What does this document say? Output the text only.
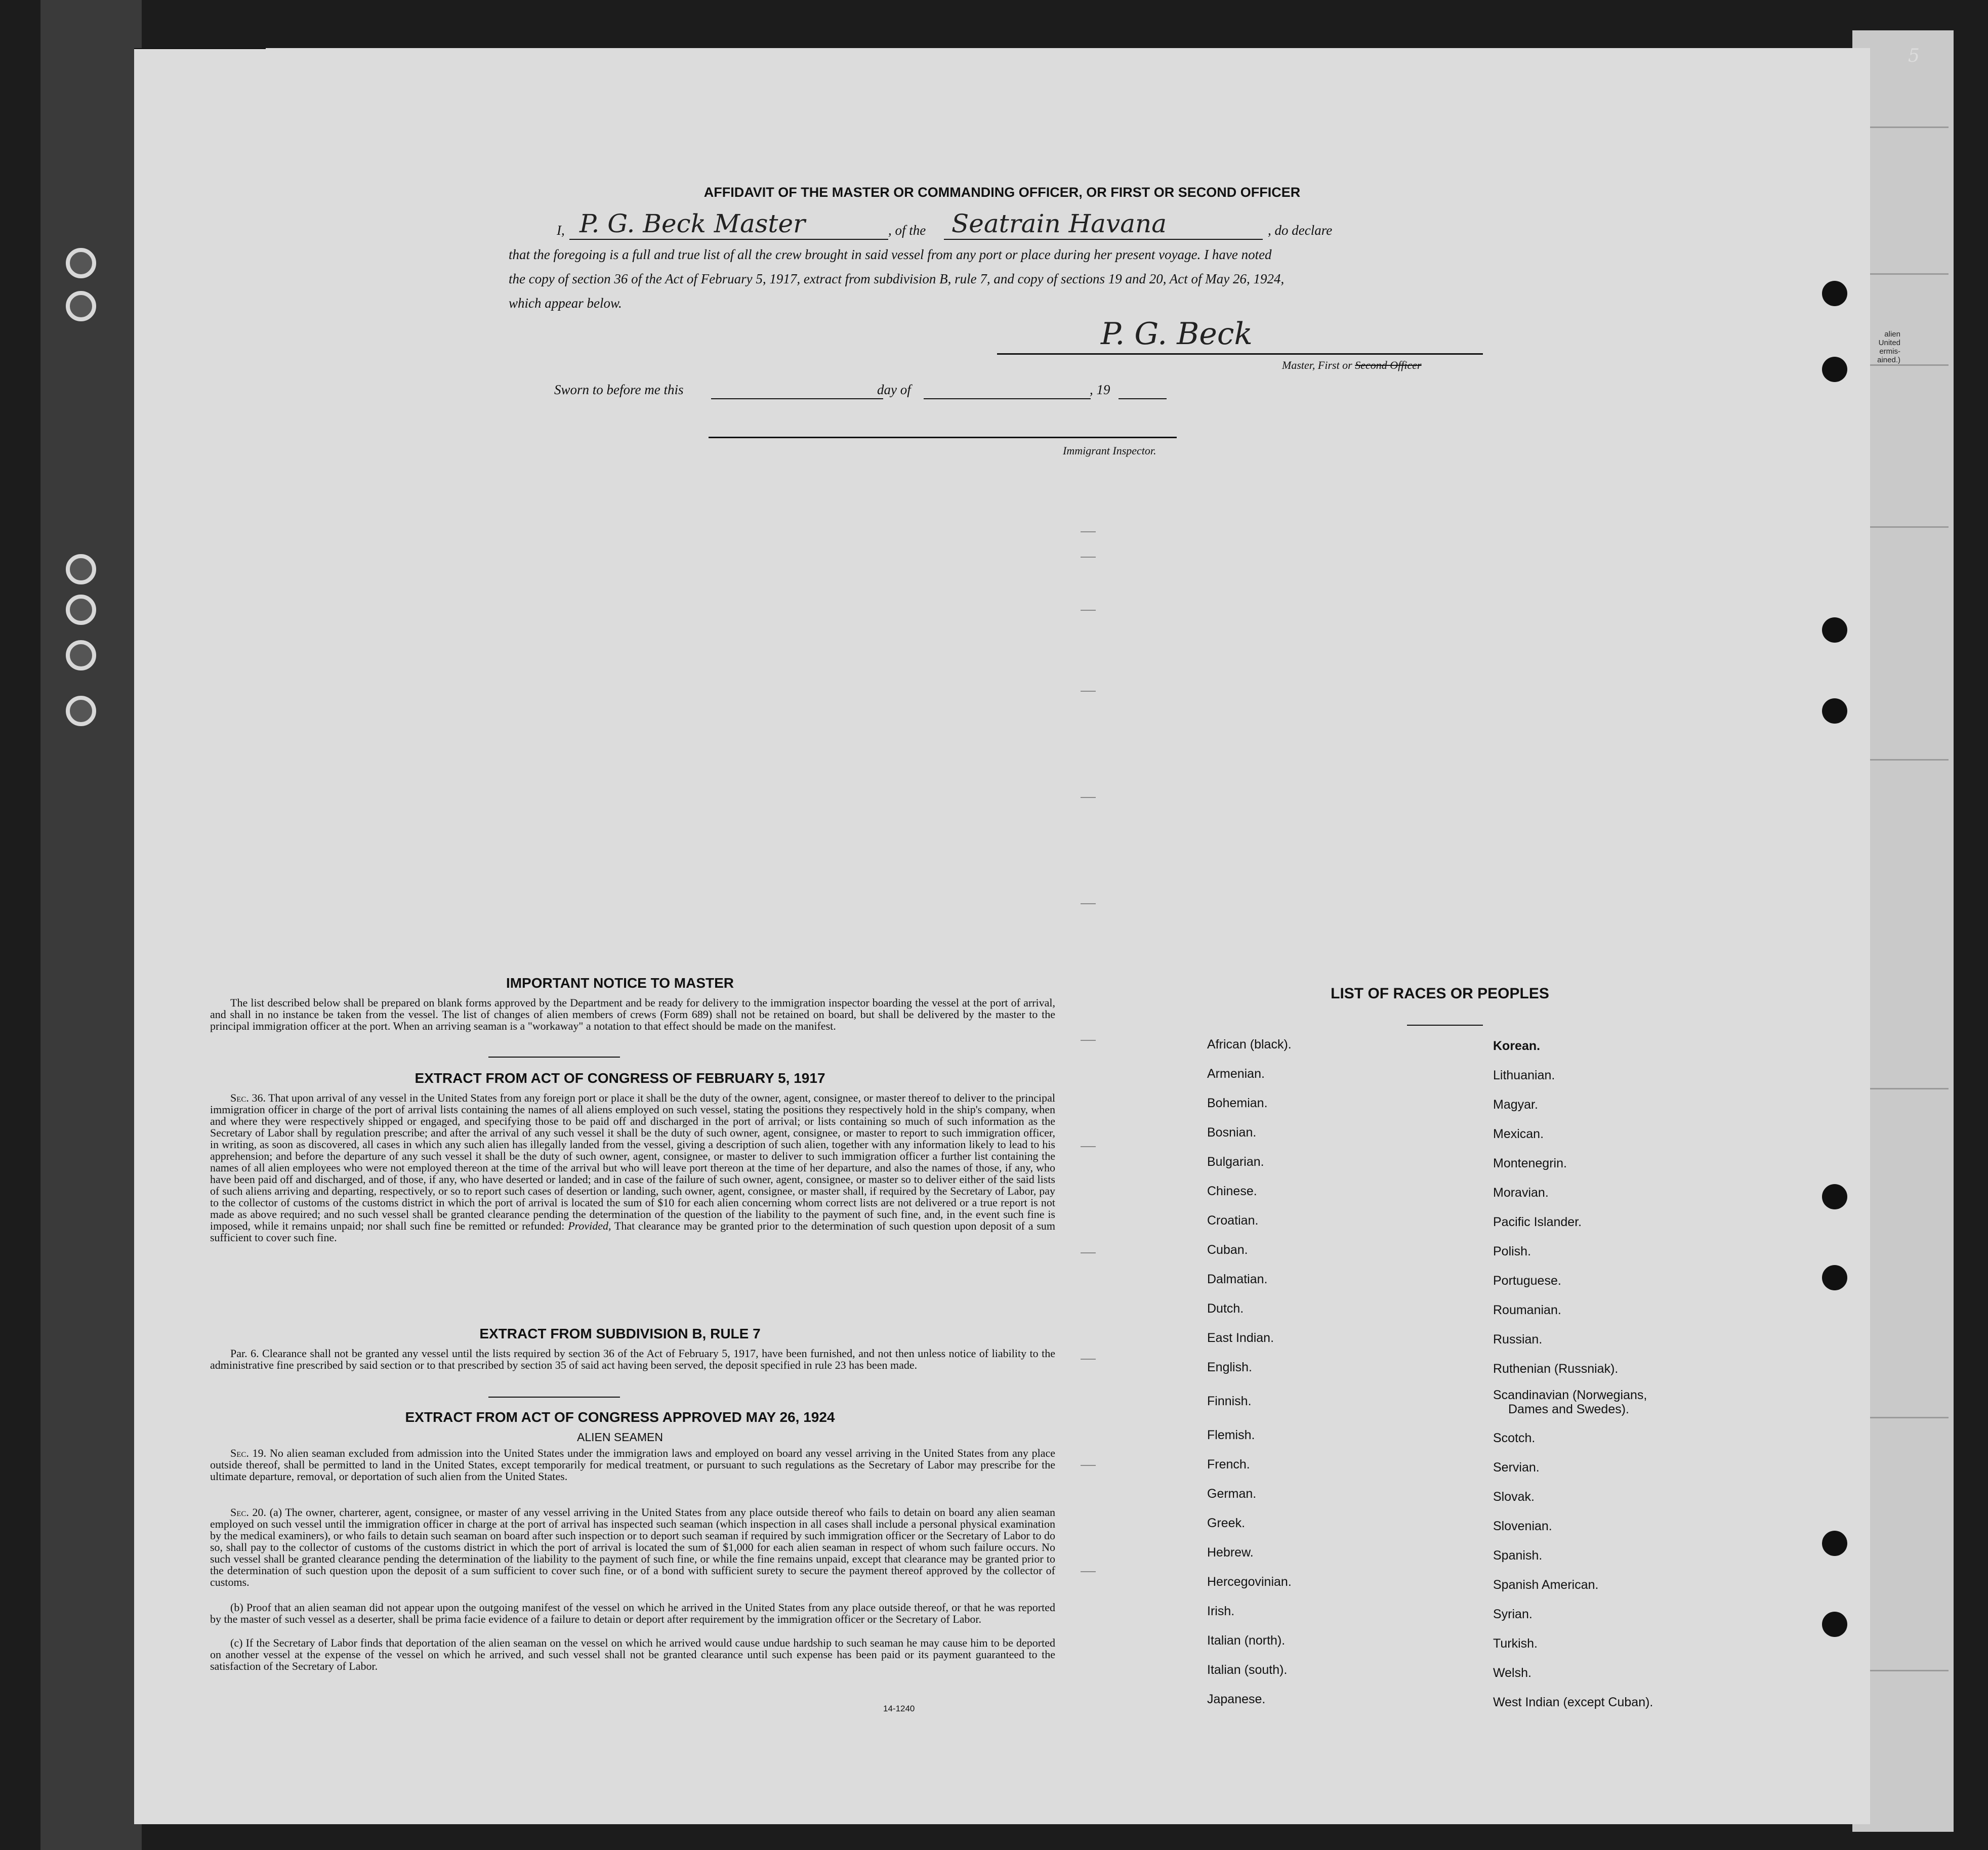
alien
United
ermis-
ained.)
5
AFFIDAVIT OF THE MASTER OR COMMANDING OFFICER, OR FIRST OR SECOND OFFICER
I, P. G. Beck Master	, of the Seatrain Havana	, do declare
that the foregoing is a full and true list of all the crew brought in said vessel from any port or place during her present voyage. I have noted
the copy of section 36 of the Act of February 5, 1917, extract from subdivision B, rule 7, and copy of sections 19 and 20, Act of May 26, 1924,
which appear below.
P. G. Beck
Master, First or Second Officer
Sworn to before me this	day of	, 19
Immigrant Inspector.
IMPORTANT NOTICE TO MASTER

The list described below shall be prepared on blank forms approved by the Department and be ready for delivery to the immigration inspector boarding the vessel at the port of arrival, and shall in no instance be taken from the vessel. The list of changes of alien members of crews (Form 689) shall not be retained on board, but shall be delivered by the master to the principal immigration officer at the port. When an arriving seaman is a "workaway" a notation to that effect should be made on the manifest.

EXTRACT FROM ACT OF CONGRESS OF FEBRUARY 5, 1917

Sec. 36. That upon arrival of any vessel in the United States from any foreign port or place it shall be the duty of the owner, agent, consignee, or master thereof to deliver to the principal immigration officer in charge of the port of arrival lists containing the names of all aliens employed on such vessel, stating the positions they respectively hold in the ship's company, when and where they were respectively shipped or engaged, and specifying those to be paid off and discharged in the port of arrival; or lists containing so much of such information as the Secretary of Labor shall by regulation prescribe; and after the arrival of any such vessel it shall be the duty of such owner, agent, consignee, or master to report to such immigration officer, in writing, as soon as discovered, all cases in which any such alien has illegally landed from the vessel, giving a description of such alien, together with any information likely to lead to his apprehension; and before the departure of any such vessel it shall be the duty of such owner, agent, consignee, or master to deliver to such immigration officer a further list containing the names of all alien employees who were not employed thereon at the time of the arrival but who will leave port thereon at the time of her departure, and also the names of those, if any, who have been paid off and discharged, and of those, if any, who have deserted or landed; and in case of the failure of such owner, agent, consignee, or master so to deliver either of the said lists of such aliens arriving and departing, respectively, or so to report such cases of desertion or landing, such owner, agent, consignee, or master shall, if required by the Secretary of Labor, pay to the collector of customs of the customs district in which the port of arrival is located the sum of $10 for each alien concerning whom correct lists are not delivered or a true report is not made as above required; and no such vessel shall be granted clearance pending the determination of the question of the liability to the payment of such fine, and, in the event such fine is imposed, while it remains unpaid; nor shall such fine be remitted or refunded: Provided, That clearance may be granted prior to the determination of such question upon deposit of a sum sufficient to cover such fine.

EXTRACT FROM SUBDIVISION B, RULE 7

Par. 6. Clearance shall not be granted any vessel until the lists required by section 36 of the Act of February 5, 1917, have been furnished, and not then unless notice of liability to the administrative fine prescribed by said section or to that prescribed by section 35 of said act having been served, the deposit specified in rule 23 has been made.

EXTRACT FROM ACT OF CONGRESS APPROVED MAY 26, 1924
ALIEN SEAMEN

Sec. 19. No alien seaman excluded from admission into the United States under the immigration laws and employed on board any vessel arriving in the United States from any place outside thereof, shall be permitted to land in the United States, except temporarily for medical treatment, or pursuant to such regulations as the Secretary of Labor may prescribe for the ultimate departure, removal, or deportation of such alien from the United States.

Sec. 20. (a) The owner, charterer, agent, consignee, or master of any vessel arriving in the United States from any place outside thereof who fails to detain on board any alien seaman employed on such vessel until the immigration officer in charge at the port of arrival has inspected such seaman (which inspection in all cases shall include a personal physical examination by the medical examiners), or who fails to detain such seaman on board after such inspection or to deport such seaman if required by such immigration officer or the Secretary of Labor to do so, shall pay to the collector of customs of the customs district in which the port of arrival is located the sum of $1,000 for each alien seaman in respect of whom such failure occurs. No such vessel shall be granted clearance pending the determination of the liability to the payment of such fine, or while the fine remains unpaid, except that clearance may be granted prior to the determination of such question upon the deposit of a sum sufficient to cover such fine, or of a bond with sufficient surety to secure the payment thereof approved by the collector of customs.

(b) Proof that an alien seaman did not appear upon the outgoing manifest of the vessel on which he arrived in the United States from any place outside thereof, or that he was reported by the master of such vessel as a deserter, shall be prima facie evidence of a failure to detain or deport after requirement by the immigration officer or the Secretary of Labor.

(c) If the Secretary of Labor finds that deportation of the alien seaman on the vessel on which he arrived would cause undue hardship to such seaman he may cause him to be deported on another vessel at the expense of the vessel on which he arrived, and such vessel shall not be granted clearance until such expense has been paid or its payment guaranteed to the satisfaction of the Secretary of Labor.

14-1240
LIST OF RACES OR PEOPLES
African (black).
Armenian.
Bohemian.
Bosnian.
Bulgarian.
Chinese.
Croatian.
Cuban.
Dalmatian.
Dutch.
East Indian.
English.
Finnish.
Flemish.
French.
German.
Greek.
Hebrew.
Hercegovinian.
Irish.
Italian (north).
Italian (south).
Japanese.
Korean.
Lithuanian.
Magyar.
Mexican.
Montenegrin.
Moravian.
Pacific Islander.
Polish.
Portuguese.
Roumanian.
Russian.
Ruthenian (Russniak).
Scandinavian (Norwegians,
Dames and Swedes).
Scotch.
Servian.
Slovak.
Slovenian.
Spanish.
Spanish American.
Syrian.
Turkish.
Welsh.
West Indian (except Cuban).
